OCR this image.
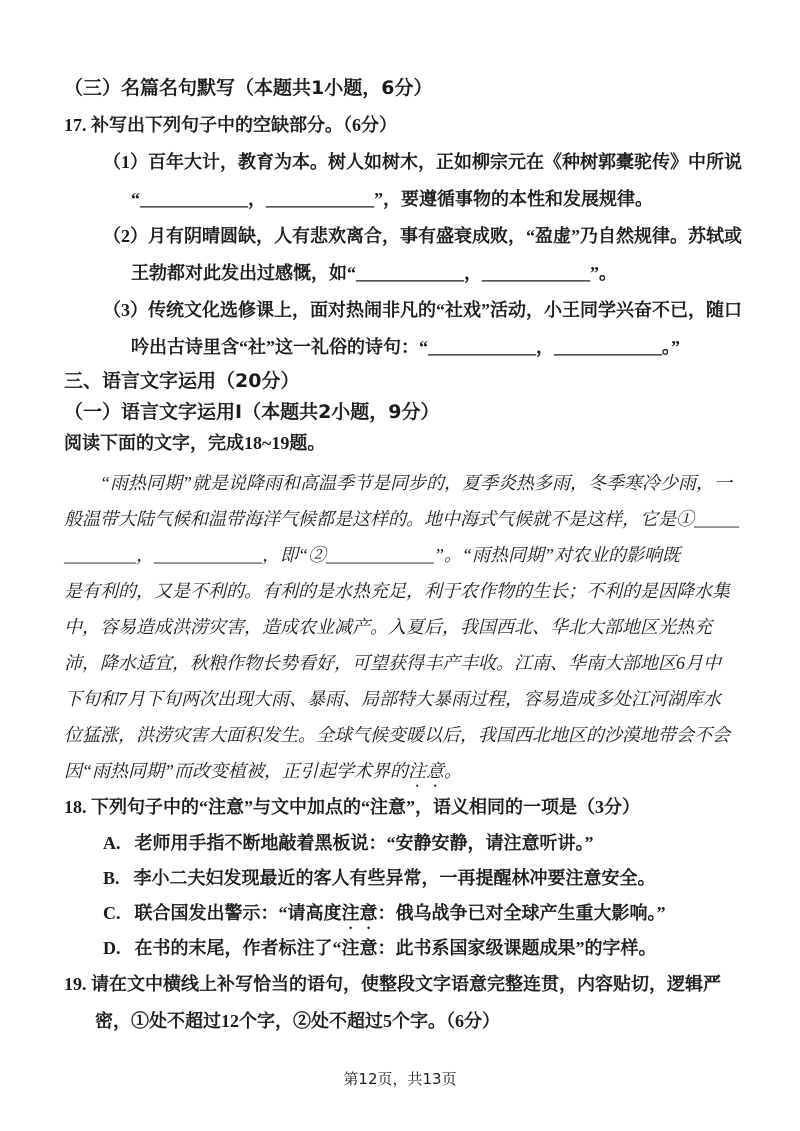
（三）名篇名句默写（本题共1小题，6分）
17. 补写出下列句子中的空缺部分。（6分）
（1）百年大计，教育为本。树人如树木，正如柳宗元在《种树郭橐驼传》中所说
“____________，____________”，要遵循事物的本性和发展规律。
（2）月有阴晴圆缺，人有悲欢离合，事有盛衰成败，“盈虚”乃自然规律。苏轼或
王勃都对此发出过感慨，如“____________，____________”。
（3）传统文化选修课上，面对热闹非凡的“社戏”活动，小王同学兴奋不已，随口
吟出古诗里含“社”这一礼俗的诗句：“____________，____________。”
三、语言文字运用（20分）
（一）语言文字运用Ⅰ（本题共2小题，9分）
阅读下面的文字，完成18~19题。
“雨热同期”就是说降雨和高温季节是同步的，夏季炎热多雨，冬季寒冷少雨，一
般温带大陆气候和温带海洋气候都是这样的。地中海式气候就不是这样，它是①_____
________，____________，即“②____________”。“雨热同期”对农业的影响既
是有利的，又是不利的。有利的是水热充足，利于农作物的生长；不利的是因降水集
中，容易造成洪涝灾害，造成农业减产。入夏后，我国西北、华北大部地区光热充
沛，降水适宜，秋粮作物长势看好，可望获得丰产丰收。江南、华南大部地区6月中
下旬和7月下旬两次出现大雨、暴雨、局部特大暴雨过程，容易造成多处江河湖库水
位猛涨，洪涝灾害大面积发生。全球气候变暖以后，我国西北地区的沙漠地带会不会
因“雨热同期”而改变植被，正引起学术界的注意。
18. 下列句子中的“注意”与文中加点的“注意”，语义相同的一项是（3分）
A. 老师用手指不断地敲着黑板说：“安静安静，请注意听讲。”
B. 李小二夫妇发现最近的客人有些异常，一再提醒林冲要注意安全。
C. 联合国发出警示：“请高度注意：俄乌战争已对全球产生重大影响。”
D. 在书的末尾，作者标注了“注意：此书系国家级课题成果”的字样。
19. 请在文中横线上补写恰当的语句，使整段文字语意完整连贯，内容贴切，逻辑严
密，①处不超过12个字，②处不超过5个字。（6分）
第12页，共13页
